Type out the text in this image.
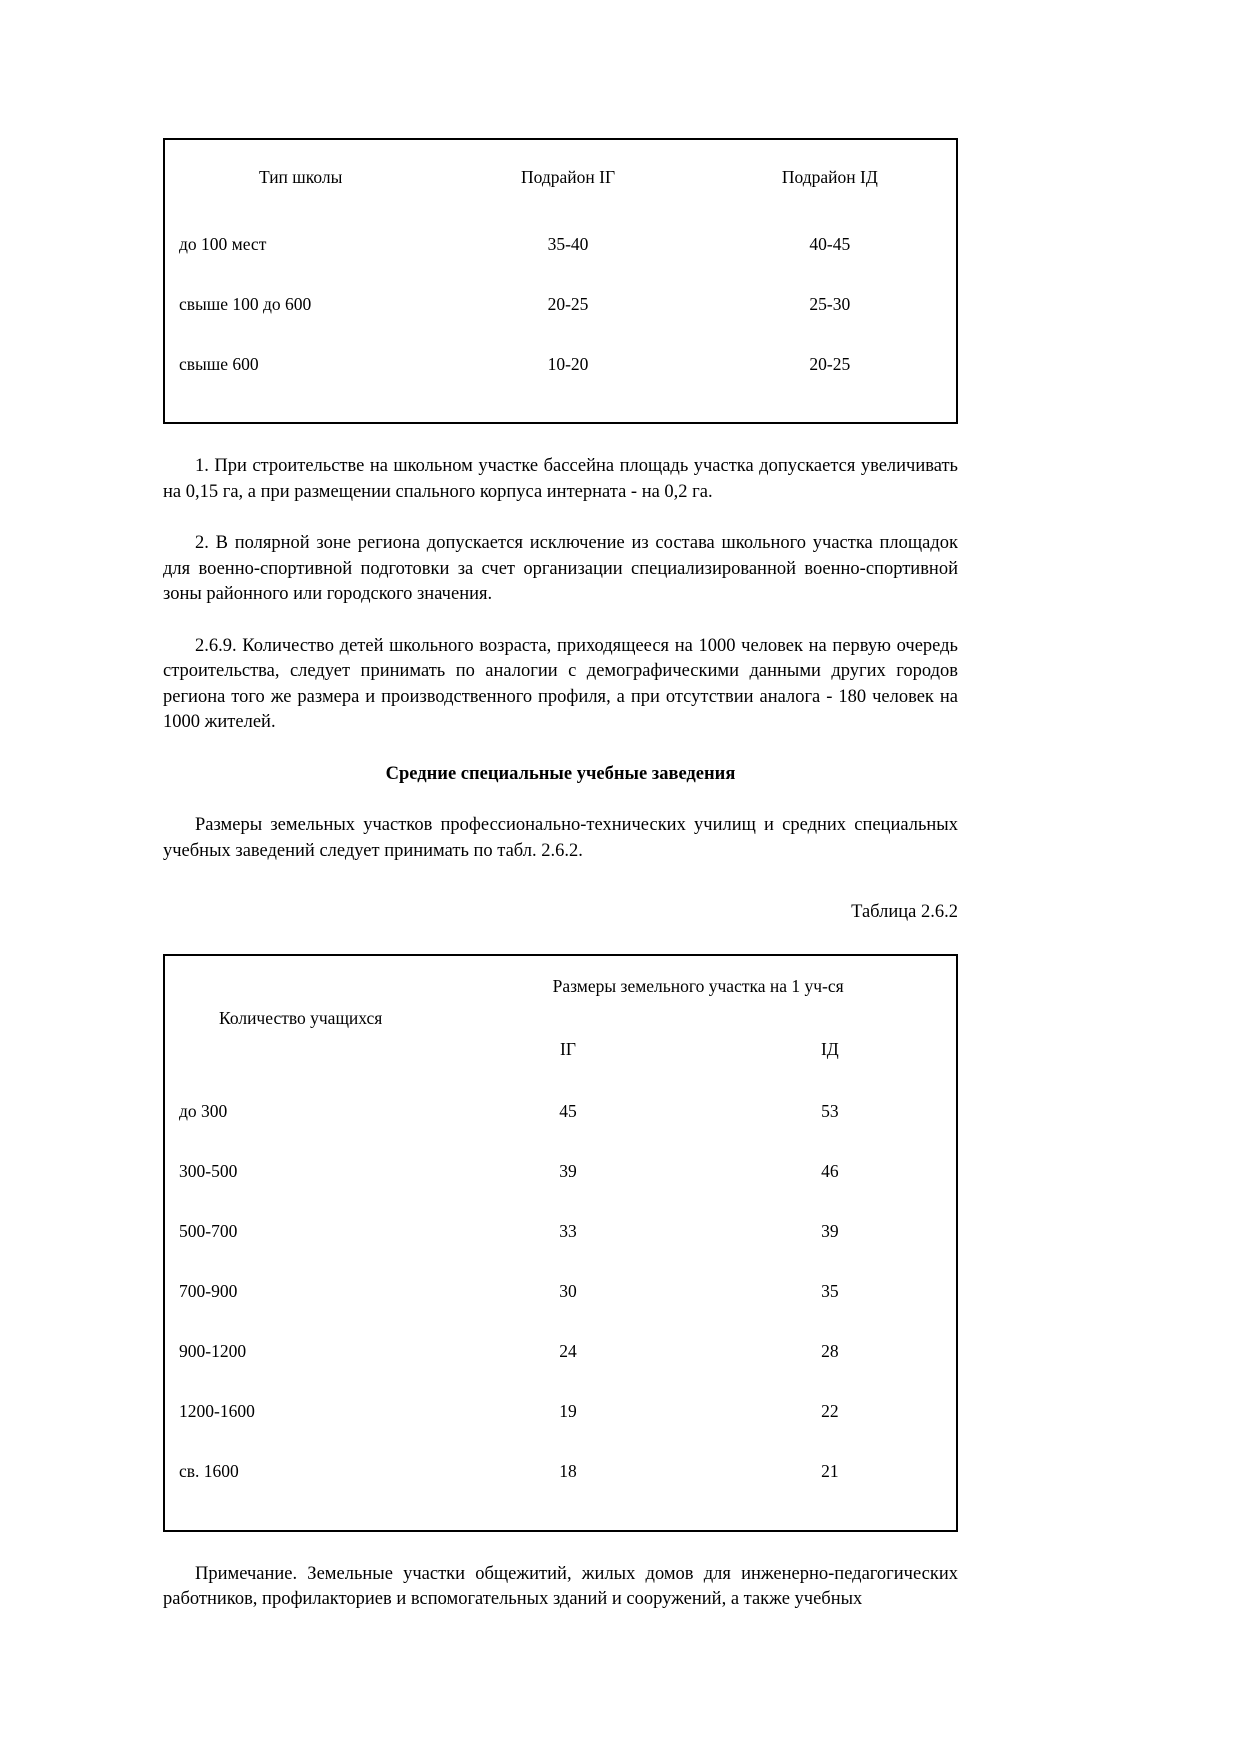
Тип школы	Подрайон IГ	Подрайон IД
до 100 мест	35-40	40-45
свыше 100 до 600	20-25	25-30
свыше 600	10-20	20-25

1. При строительстве на школьном участке бассейна площадь участка допускается увеличивать на 0,15 га, а при размещении спального корпуса интерната - на 0,2 га.

2. В полярной зоне региона допускается исключение из состава школьного участка площадок для военно-спортивной подготовки за счет организации специализированной военно-спортивной зоны районного или городского значения.

2.6.9. Количество детей школьного возраста, приходящееся на 1000 человек на первую очередь строительства, следует принимать по аналогии с демографическими данными других городов региона того же размера и производственного профиля, а при отсутствии аналога - 180 человек на 1000 жителей.

Средние специальные учебные заведения

Размеры земельных участков профессионально-технических училищ и средних специальных учебных заведений следует принимать по табл. 2.6.2.

Таблица 2.6.2
Количество учащихся	Размеры земельного участка на 1 уч-ся	
	IГ	IД
до 300	45	53
300-500	39	46
500-700	33	39
700-900	30	35
900-1200	24	28
1200-1600	19	22
св. 1600	18	21

Примечание. Земельные участки общежитий, жилых домов для инженерно-педагогических работников, профилакториев и вспомогательных зданий и сооружений, а также учебных
